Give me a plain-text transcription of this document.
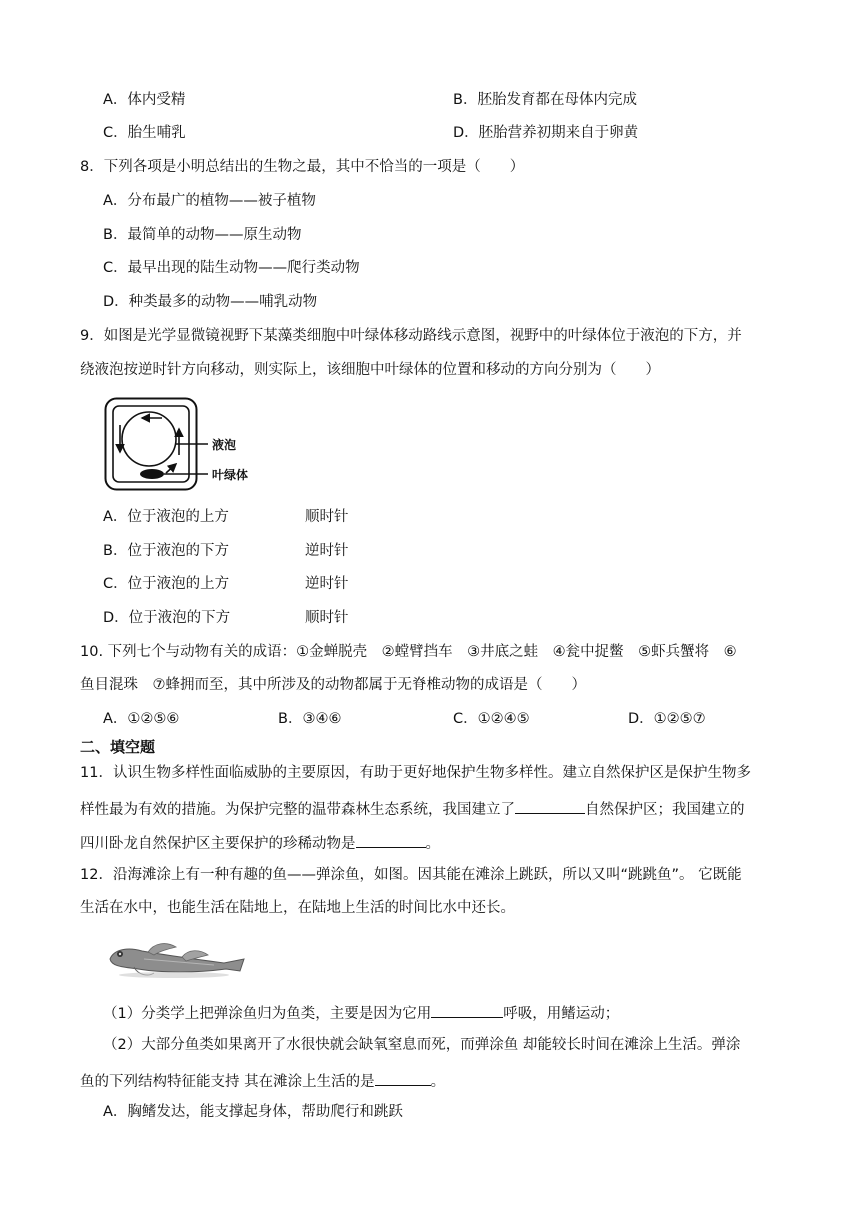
A．体内受精	B．胚胎发育都在母体内完成
C．胎生哺乳	D．胚胎营养初期来自于卵黄
8．下列各项是小明总结出的生物之最，其中不恰当的一项是（　　）
A．分布最广的植物——被子植物
B．最简单的动物——原生动物
C．最早出现的陆生动物——爬行类动物
D．种类最多的动物——哺乳动物
9．如图是光学显微镜视野下某藻类细胞中叶绿体移动路线示意图，视野中的叶绿体位于液泡的下方，并
绕液泡按逆时针方向移动，则实际上，该细胞中叶绿体的位置和移动的方向分别为（　　）
液泡
叶绿体
A．位于液泡的上方	顺时针
B．位于液泡的下方	逆时针
C．位于液泡的上方	逆时针
D．位于液泡的下方	顺时针
10. 下列七个与动物有关的成语：①金蝉脱壳　②螳臂挡车　③井底之蛙　④瓮中捉鳖　⑤虾兵蟹将　⑥
鱼目混珠　⑦蜂拥而至，其中所涉及的动物都属于无脊椎动物的成语是（　　）
A．①②⑤⑥	B．③④⑥	C．①②④⑤	D．①②⑤⑦
二、填空题
11．认识生物多样性面临威胁的主要原因，有助于更好地保护生物多样性。建立自然保护区是保护生物多
样性最为有效的措施。为保护完整的温带森林生态系统，我国建立了	自然保护区；我国建立的
四川卧龙自然保护区主要保护的珍稀动物是	。
12．沿海滩涂上有一种有趣的鱼——弹涂鱼，如图。因其能在滩涂上跳跃，所以又叫“跳跳鱼”。 它既能
生活在水中，也能生活在陆地上，在陆地上生活的时间比水中还长。
（1）分类学上把弹涂鱼归为鱼类，主要是因为它用	呼吸，用鳍运动；
（2）大部分鱼类如果离开了水很快就会缺氧窒息而死，而弹涂鱼 却能较长时间在滩涂上生活。弹涂
鱼的下列结构特征能支持 其在滩涂上生活的是	。
A．胸鳍发达，能支撑起身体，帮助爬行和跳跃
